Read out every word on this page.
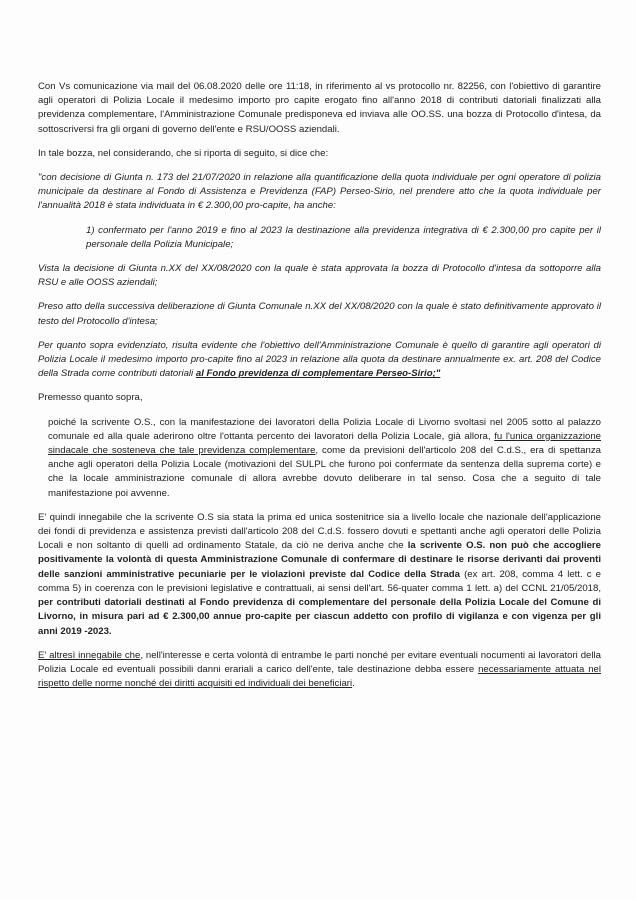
Con Vs comunicazione via mail del 06.08.2020 delle ore 11:18, in riferimento al vs protocollo nr. 82256, con l'obiettivo di garantire agli operatori di Polizia Locale il medesimo importo pro capite erogato fino all'anno 2018 di contributi datoriali finalizzati alla previdenza complementare, l'Amministrazione Comunale predisponeva ed inviava alle OO.SS. una bozza di Protocollo d'intesa, da sottoscriversi fra gli organi di governo dell'ente e RSU/OOSS aziendali.

In tale bozza, nel considerando, che si riporta di seguito, si dice che:

"con decisione di Giunta n. 173 del 21/07/2020 in relazione alla quantificazione della quota individuale per ogni operatore di polizia municipale da destinare al Fondo di Assistenza e Previdenza (FAP) Perseo-Sirio, nel prendere atto che la quota individuale per l'annualità 2018 è stata individuata in € 2.300,00 pro-capite, ha anche:

1) confermato per l'anno 2019 e fino al 2023 la destinazione alla previdenza integrativa di € 2.300,00 pro capite per il personale della Polizia Municipale;

Vista la decisione di Giunta n.XX del XX/08/2020 con la quale è stata approvata la bozza di Protocollo d'intesa da sottoporre alla RSU e alle OOSS aziendali;

Preso atto della successiva deliberazione di Giunta Comunale n.XX del XX/08/2020 con la quale è stato definitivamente approvato il testo del Protocollo d'intesa;

Per quanto sopra evidenziato, risulta evidente che l'obiettivo dell'Amministrazione Comunale è quello di garantire agli operatori di Polizia Locale il medesimo importo pro-capite fino al 2023 in relazione alla quota da destinare annualmente ex. art. 208 del Codice della Strada come contributi datoriali al Fondo previdenza di complementare Perseo-Sirio;"

Premesso quanto sopra,

poiché la scrivente O.S., con la manifestazione dei lavoratori della Polizia Locale di Livorno svoltasi nel 2005 sotto al palazzo comunale ed alla quale aderirono oltre l'ottanta percento dei lavoratori della Polizia Locale, già allora, fu l'unica organizzazione sindacale che sosteneva che tale previdenza complementare, come da previsioni dell'articolo 208 del C.d.S., era di spettanza anche agli operatori della Polizia Locale (motivazioni del SULPL che furono poi confermate da sentenza della suprema corte) e che la locale amministrazione comunale di allora avrebbe dovuto deliberare in tal senso. Cosa che a seguito di tale manifestazione poi avvenne.

E' quindi innegabile che la scrivente O.S sia stata la prima ed unica sostenitrice sia a livello locale che nazionale dell'applicazione dei fondi di previdenza e assistenza previsti dall'articolo 208 del C.d.S. fossero dovuti e spettanti anche agli operatori delle Polizia Locali e non soltanto di quelli ad ordinamento Statale, da ciò ne deriva anche che la scrivente O.S. non può che accogliere positivamente la volontà di questa Amministrazione Comunale di confermare di destinare le risorse derivanti dai proventi delle sanzioni amministrative pecuniarie per le violazioni previste dal Codice della Strada (ex art. 208, comma 4 lett. c e comma 5) in coerenza con le previsioni legislative e contrattuali, ai sensi dell'art. 56-quater comma 1 lett. a) del CCNL 21/05/2018, per contributi datoriali destinati al Fondo previdenza di complementare del personale della Polizia Locale del Comune di Livorno, in misura pari ad € 2.300,00 annue pro-capite per ciascun addetto con profilo di vigilanza e con vigenza per gli anni 2019 -2023.

E' altresì innegabile che, nell'interesse e certa volontà di entrambe le parti nonché per evitare eventuali nocumenti ai lavoratori della Polizia Locale ed eventuali possibili danni erariali a carico dell'ente, tale destinazione debba essere necessariamente attuata nel rispetto delle norme nonché dei diritti acquisiti ed individuali dei beneficiari.
